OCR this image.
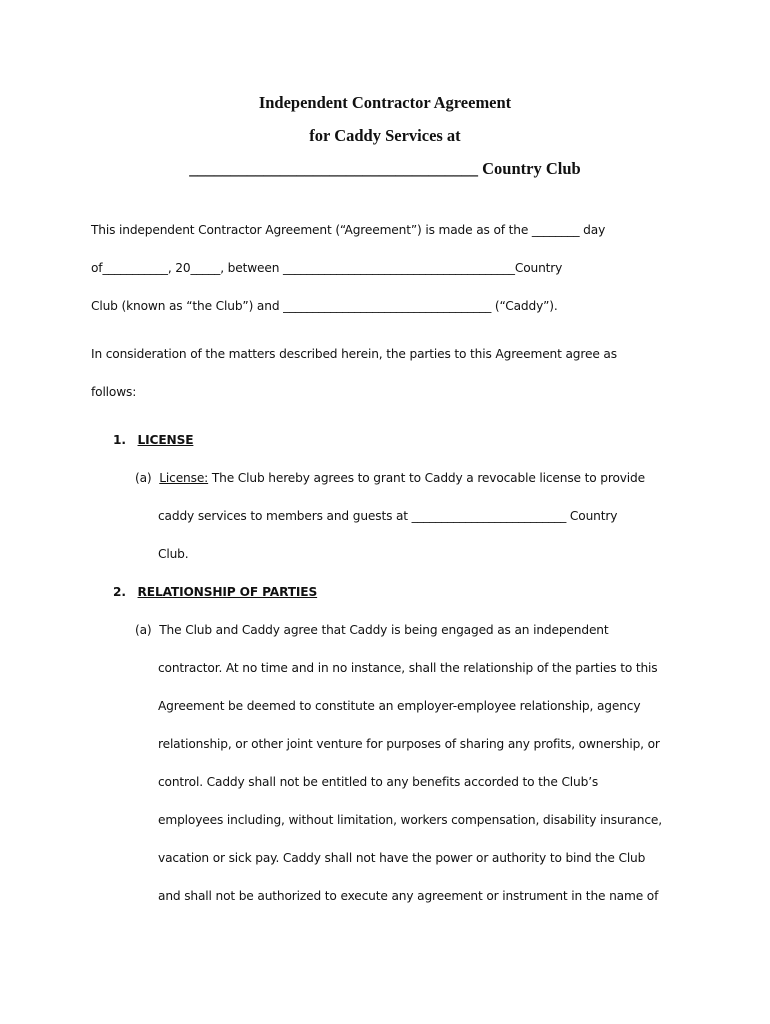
Independent Contractor Agreement
for Caddy Services at
___________________________________ Country Club
This independent Contractor Agreement (“Agreement”) is made as of the ________ day
of___________, 20_____, between _______________________________________Country
Club (known as “the Club”) and ___________________________________ (“Caddy”).
In consideration of the matters described herein, the parties to this Agreement agree as
follows:
1. LICENSE
(a) License: The Club hereby agrees to grant to Caddy a revocable license to provide
caddy services to members and guests at __________________________ Country
Club.
2. RELATIONSHIP OF PARTIES
(a) The Club and Caddy agree that Caddy is being engaged as an independent
contractor. At no time and in no instance, shall the relationship of the parties to this
Agreement be deemed to constitute an employer-employee relationship, agency
relationship, or other joint venture for purposes of sharing any profits, ownership, or
control. Caddy shall not be entitled to any benefits accorded to the Club’s
employees including, without limitation, workers compensation, disability insurance,
vacation or sick pay. Caddy shall not have the power or authority to bind the Club
and shall not be authorized to execute any agreement or instrument in the name of
